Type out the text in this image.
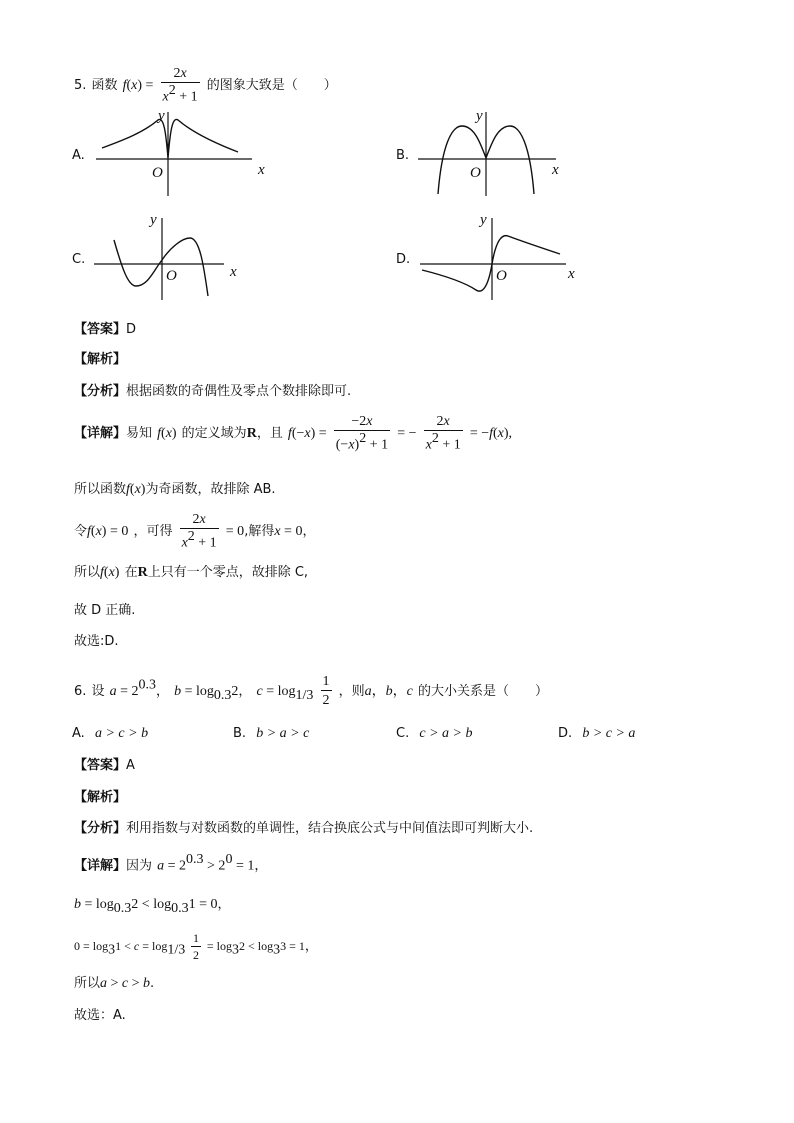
5. 函数 $f(x) = \frac{2x}{x^2 + 1}$ 的图象大致是（　　）
A.
y
x
O
B.
y
x
O
C.
y
x
O
D.
y
x
O
【答案】D
【解析】
【分析】根据函数的奇偶性及零点个数排除即可.
【详解】易知 f(x) 的定义域为R，且 $f(-x) = \frac{-2x}{(-x)^2 + 1}$ = − $\frac{2x}{x^2 + 1} = -f(x)$,
所以函数f(x)为奇函数，故排除 AB.
令f(x) = 0 ，可得 $\frac{2x}{x^2 + 1} = 0$,解得x = 0，
所以f(x) 在R上只有一个零点，故排除 C,
故 D 正确.
故选:D.
6. 设 $a = 2^{0.3}$， $b = \log_{0.3}2$， $c = \log_{1/3} \frac{1}{2}$ ，则a，b，c 的大小关系是（　　）
A. a > c > b	B. b > a > c	C. c > a > b	D. b > c > a
【答案】A
【解析】
【分析】利用指数与对数函数的单调性，结合换底公式与中间值法即可判断大小.
【详解】因为 $a = 2^{0.3} > 2^0 = 1$，
$b = \log_{0.3}2 < \log_{0.3}1 = 0$，
$0 = \log_31 < c = \log_{1/3} \frac{1}{2} = \log_32 < \log_33 = 1$，
所以a > c > b.
故选：A.
